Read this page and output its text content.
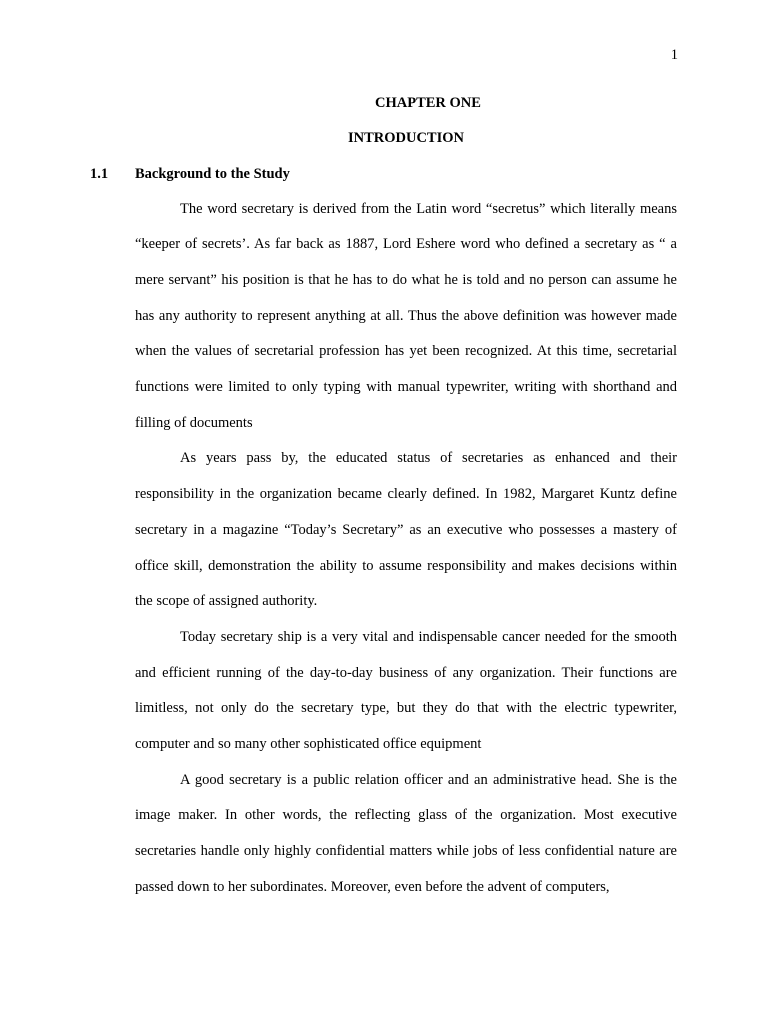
1
CHAPTER ONE
INTRODUCTION
1.1 Background to the Study

The word secretary is derived from the Latin word “secretus” which literally means “keeper of secrets’. As far back as 1887, Lord Eshere word who defined a secretary as “ a mere servant” his position is that he has to do what he is told and no person can assume he has any authority to represent anything at all. Thus the above definition was however made when the values of secretarial profession has yet been recognized. At this time, secretarial functions were limited to only typing with manual typewriter, writing with shorthand and filling of documents

As years pass by, the educated status of secretaries as enhanced and their responsibility in the organization became clearly defined. In 1982, Margaret Kuntz define secretary in a magazine “Today’s Secretary” as an executive who possesses a mastery of office skill, demonstration the ability to assume responsibility and makes decisions within the scope of assigned authority.

Today secretary ship is a very vital and indispensable cancer needed for the smooth and efficient running of the day-to-day business of any organization. Their functions are limitless, not only do the secretary type, but they do that with the electric typewriter, computer and so many other sophisticated office equipment

A good secretary is a public relation officer and an administrative head. She is the image maker. In other words, the reflecting glass of the organization. Most executive secretaries handle only highly confidential matters while jobs of less confidential nature are passed down to her subordinates. Moreover, even before the advent of computers,
